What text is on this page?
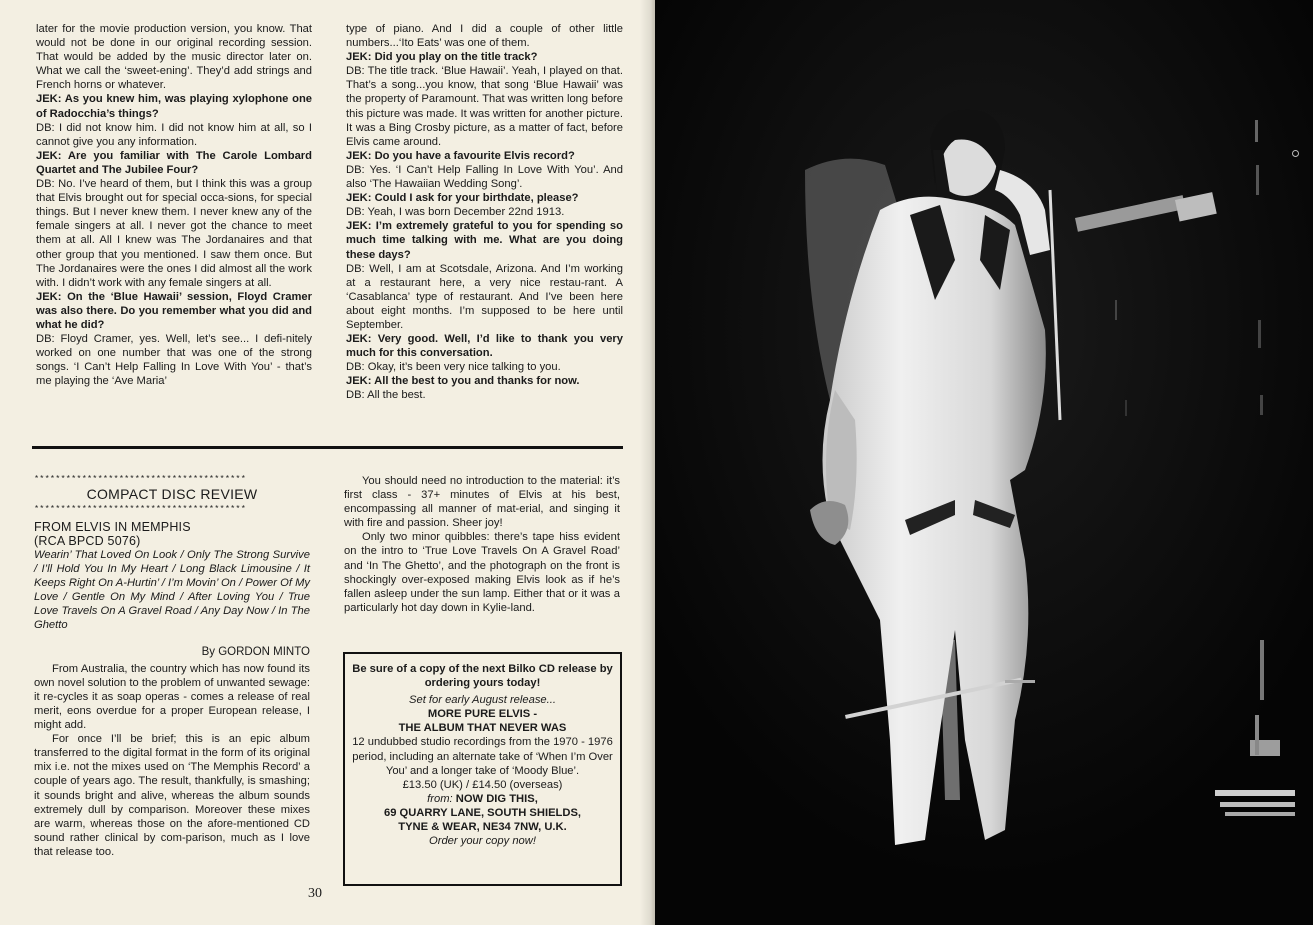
later for the movie production version, you know. That would not be done in our original recording session. That would be added by the music director later on. What we call the ‘sweet-ening’. They’d add strings and French horns or whatever.

JEK: As you knew him, was playing xylophone one of Radocchia’s things?

DB: I did not know him. I did not know him at all, so I cannot give you any information.

JEK: Are you familiar with The Carole Lombard Quartet and The Jubilee Four?

DB: No. I’ve heard of them, but I think this was a group that Elvis brought out for special occa-sions, for special things. But I never knew them. I never knew any of the female singers at all. I never got the chance to meet them at all. All I knew was The Jordanaires and that other group that you mentioned. I saw them once. But The Jordanaires were the ones I did almost all the work with. I didn’t work with any female singers at all.

JEK: On the ‘Blue Hawaii’ session, Floyd Cramer was also there. Do you remember what you did and what he did?

DB: Floyd Cramer, yes. Well, let’s see... I defi-nitely worked on one number that was one of the strong songs. ‘I Can’t Help Falling In Love With You’ - that’s me playing the ‘Ave Maria’

type of piano. And I did a couple of other little numbers...‘Ito Eats’ was one of them.

JEK: Did you play on the title track?

DB: The title track. ‘Blue Hawaii’. Yeah, I played on that. That’s a song...you know, that song ‘Blue Hawaii’ was the property of Paramount. That was written long before this picture was made. It was written for another picture. It was a Bing Crosby picture, as a matter of fact, before Elvis came around.

JEK: Do you have a favourite Elvis record?

DB: Yes. ‘I Can’t Help Falling In Love With You’. And also ‘The Hawaiian Wedding Song’.

JEK: Could I ask for your birthdate, please?

DB: Yeah, I was born December 22nd 1913.

JEK: I’m extremely grateful to you for spending so much time talking with me. What are you doing these days?

DB: Well, I am at Scotsdale, Arizona. And I’m working at a restaurant here, a very nice restau-rant. A ‘Casablanca’ type of restaurant. And I’ve been here about eight months. I’m supposed to be here until September.

JEK: Very good. Well, I’d like to thank you very much for this conversation.

DB: Okay, it’s been very nice talking to you.

JEK: All the best to you and thanks for now.

DB: All the best.

****************************************
COMPACT DISC REVIEW
****************************************
FROM ELVIS IN MEMPHIS
(RCA BPCD 5076)
Wearin’ That Loved On Look / Only The Strong Survive / I’ll Hold You In My Heart / Long Black Limousine / It Keeps Right On A-Hurtin’ / I’m Movin’ On / Power Of My Love / Gentle On My Mind / After Loving You / True Love Travels On A Gravel Road / Any Day Now / In The Ghetto
By GORDON MINTO

From Australia, the country which has now found its own novel solution to the problem of unwanted sewage: it re-cycles it as soap operas - comes a release of real merit, eons overdue for a proper European release, I might add.

For once I’ll be brief; this is an epic album transferred to the digital format in the form of its original mix i.e. not the mixes used on ‘The Memphis Record’ a couple of years ago. The result, thankfully, is smashing; it sounds bright and alive, whereas the album sounds extremely dull by comparison. Moreover these mixes are warm, whereas those on the afore-mentioned CD sound rather clinical by com-parison, much as I love that release too.

You should need no introduction to the material: it’s first class - 37+ minutes of Elvis at his best, encompassing all manner of mat-erial, and singing it with fire and passion. Sheer joy!

Only two minor quibbles: there’s tape hiss evident on the intro to ‘True Love Travels On A Gravel Road’ and ‘In The Ghetto’, and the photograph on the front is shockingly over-exposed making Elvis look as if he’s fallen asleep under the sun lamp. Either that or it was a particularly hot day down in Kylie-land.

Be sure of a copy of the next Bilko CD release by ordering yours today!

Set for early August release...

MORE PURE ELVIS -

THE ALBUM THAT NEVER WAS

12 undubbed studio recordings from the 1970 - 1976 period, including an alternate take of ‘When I’m Over You’ and a longer take of ‘Moody Blue’.

£13.50 (UK) / £14.50 (overseas)

from: NOW DIG THIS,

69 QUARRY LANE, SOUTH SHIELDS,

TYNE & WEAR, NE34 7NW, U.K.

Order your copy now!

30
